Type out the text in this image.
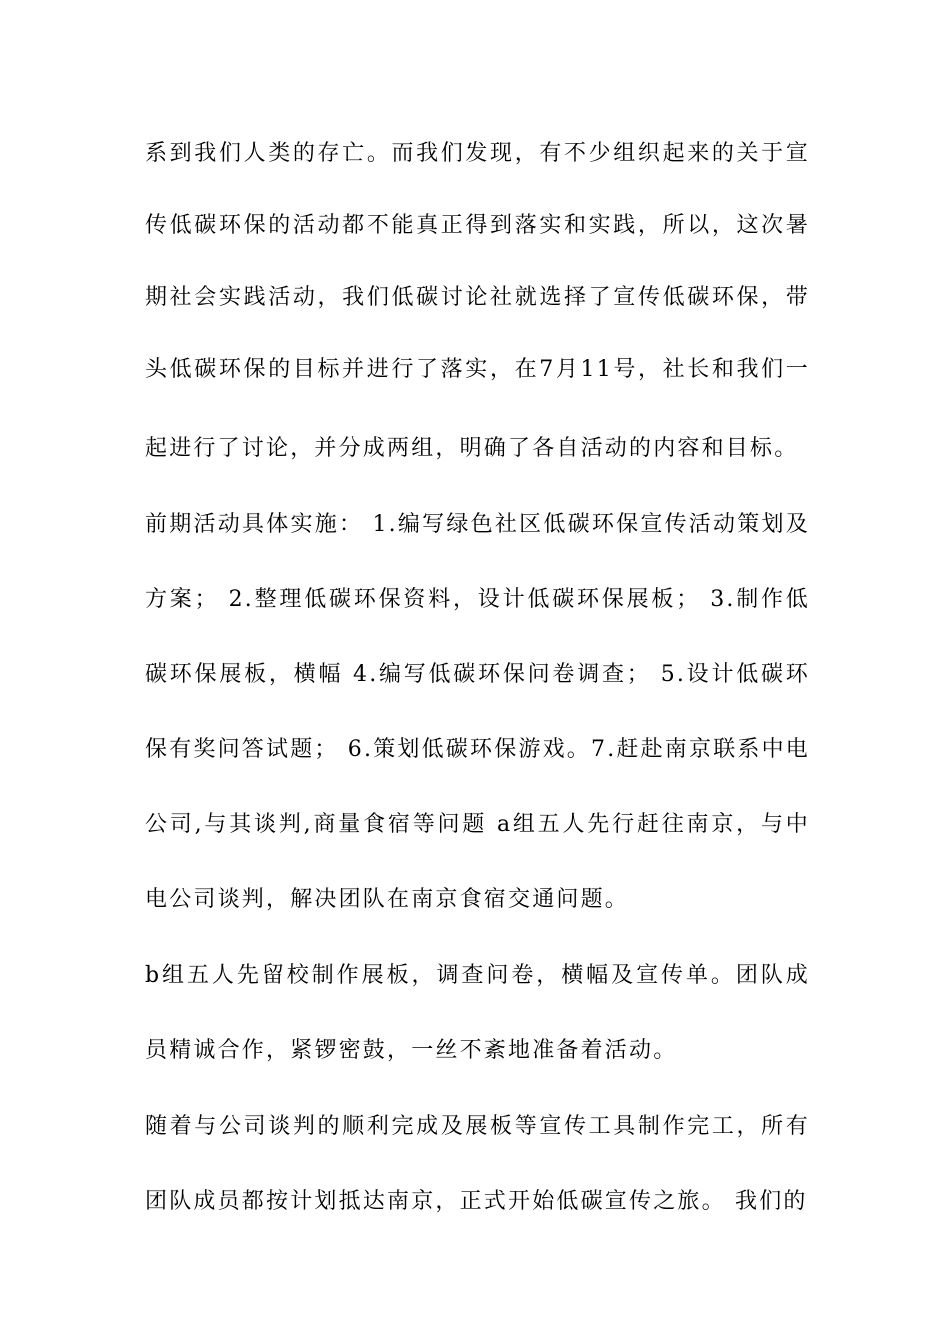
系到我们人类的存亡。而我们发现，有不少组织起来的关于宣
传低碳环保的活动都不能真正得到落实和实践，所以，这次暑
期社会实践活动，我们低碳讨论社就选择了宣传低碳环保，带
头低碳环保的目标并进行了落实，在7月11号，社长和我们一
起进行了讨论，并分成两组，明确了各自活动的内容和目标。
前期活动具体实施： 1.编写绿色社区低碳环保宣传活动策划及
方案； 2.整理低碳环保资料，设计低碳环保展板； 3.制作低
碳环保展板，横幅 4.编写低碳环保问卷调查； 5.设计低碳环
保有奖问答试题； 6.策划低碳环保游戏。7.赶赴南京联系中电
公司,与其谈判,商量食宿等问题 a组五人先行赶往南京，与中
电公司谈判，解决团队在南京食宿交通问题。
b组五人先留校制作展板，调查问卷，横幅及宣传单。团队成
员精诚合作，紧锣密鼓，一丝不紊地准备着活动。
随着与公司谈判的顺利完成及展板等宣传工具制作完工，所有
团队成员都按计划抵达南京，正式开始低碳宣传之旅。 我们的
